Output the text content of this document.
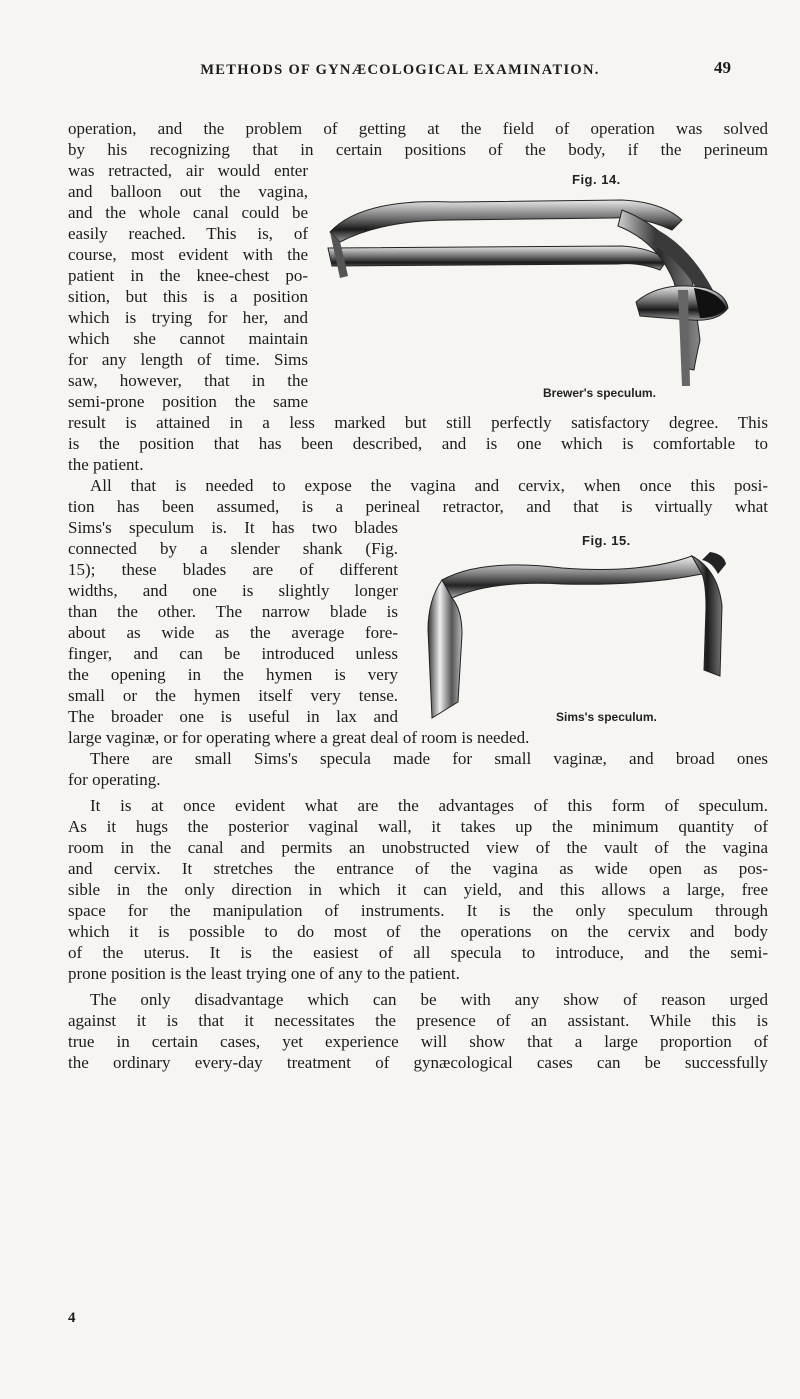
METHODS OF GYNÆCOLOGICAL EXAMINATION.	49
operation, and the problem of getting at the field of operation was solved
by his recognizing that in certain positions of the body, if the perineum
was retracted, air would enter
and balloon out the vagina,
and the whole canal could be
easily reached. This is, of
course, most evident with the
patient in the knee-chest po-
sition, but this is a position
which is trying for her, and
which she cannot maintain
for any length of time. Sims
saw, however, that in the
semi-prone position the same
result is attained in a less marked but still perfectly satisfactory degree. This
is the position that has been described, and is one which is comfortable to
the patient.
All that is needed to expose the vagina and cervix, when once this posi-
tion has been assumed, is a perineal retractor, and that is virtually what
Sims's speculum is. It has two blades
connected by a slender shank (Fig.
15); these blades are of different
widths, and one is slightly longer
than the other. The narrow blade is
about as wide as the average fore-
finger, and can be introduced unless
the opening in the hymen is very
small or the hymen itself very tense.
The broader one is useful in lax and
large vaginæ, or for operating where a great deal of room is needed.
There are small Sims's specula made for small vaginæ, and broad ones
for operating.
It is at once evident what are the advantages of this form of speculum.
As it hugs the posterior vaginal wall, it takes up the minimum quantity of
room in the canal and permits an unobstructed view of the vault of the vagina
and cervix. It stretches the entrance of the vagina as wide open as pos-
sible in the only direction in which it can yield, and this allows a large, free
space for the manipulation of instruments. It is the only speculum through
which it is possible to do most of the operations on the cervix and body
of the uterus. It is the easiest of all specula to introduce, and the semi-
prone position is the least trying one of any to the patient.
The only disadvantage which can be with any show of reason urged
against it is that it necessitates the presence of an assistant. While this is
true in certain cases, yet experience will show that a large proportion of
the ordinary every-day treatment of gynæcological cases can be successfully
4
Fig. 14.
Brewer's speculum.
Fig. 15.
Sims's speculum.
